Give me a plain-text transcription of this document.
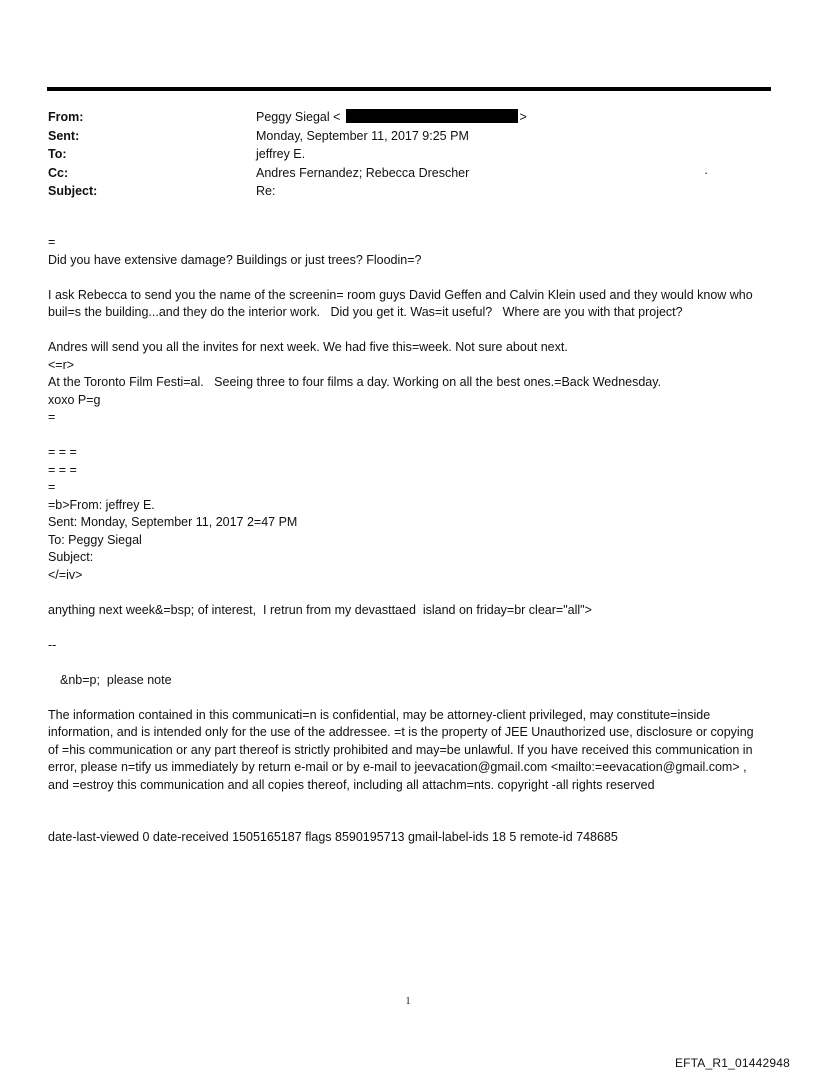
From:	Peggy Siegal <	>
Sent:	Monday, September 11, 2017 9:25 PM
To:	jeffrey E.
Cc:	Andres Fernandez; Rebecca Drescher	·
Subject:	Re:

=

Did you have extensive damage? Buildings or just trees? Floodin=?

I ask Rebecca to send you the name of the screenin= room guys David Geffen and Calvin Klein used and they would know who buil=s the building...and they do the interior work.   Did you get it. Was=it useful?   Where are you with that project?

Andres will send you all the invites for next week. We had five this=week. Not sure about next.

<=r>

At the Toronto Film Festi=al.   Seeing three to four films a day. Working on all the best ones.=Back Wednesday.

xoxo P=g

=

= = =

= = =

=

=b>From: jeffrey E.

Sent: Monday, September 11, 2017 2=47 PM

To: Peggy Siegal

Subject:

</=iv>

anything next week&=bsp; of interest,  I retrun from my devasttaed  island on friday=br clear="all">

--

&nb=p;  please note

The information contained in this communicati=n is confidential, may be attorney-client privileged, may constitute=inside information, and is intended only for the use of the addressee. =t is the property of JEE Unauthorized use, disclosure or copying of =his communication or any part thereof is strictly prohibited and may=be unlawful. If you have received this communication in error, please n=tify us immediately by return e-mail or by e-mail to jeevacation@gmail.com <mailto:=eevacation@gmail.com> , and =estroy this communication and all copies thereof, including all attachm=nts. copyright -all rights reserved

date-last-viewed 0 date-received 1505165187 flags 8590195713 gmail-label-ids 18 5 remote-id 748685

1
EFTA_R1_01442948
